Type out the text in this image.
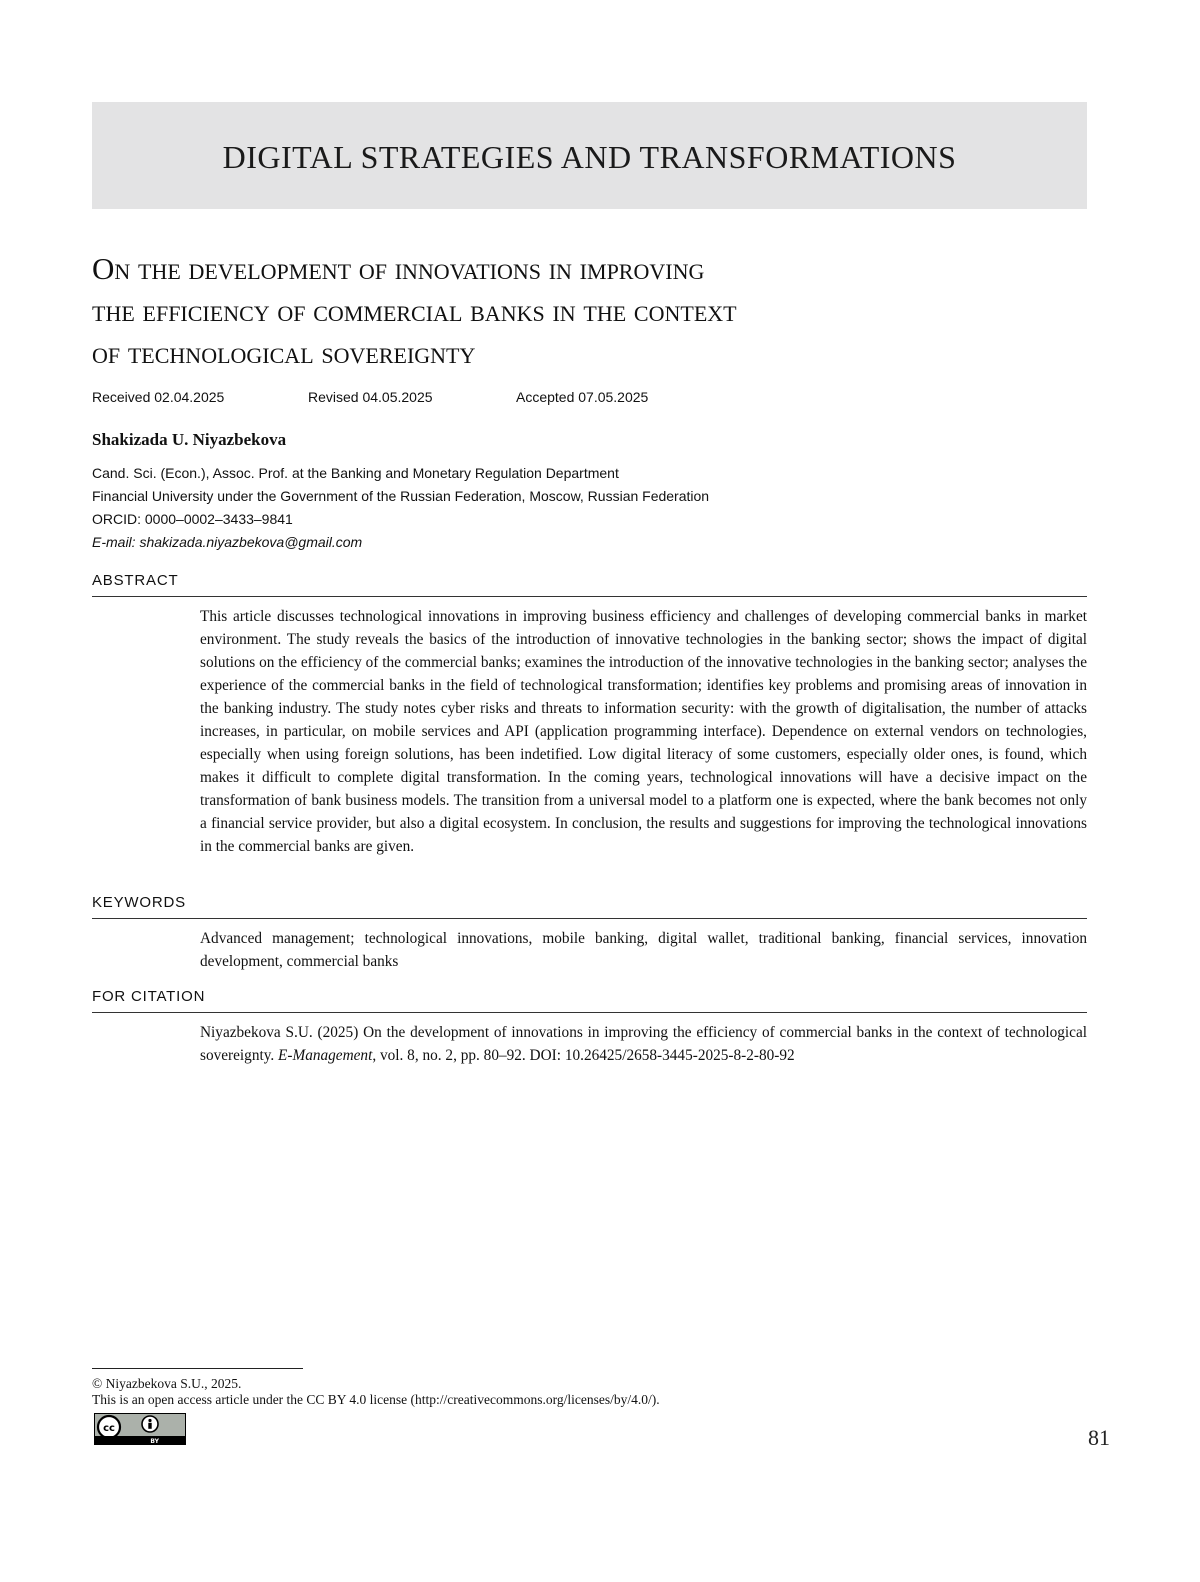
DIGITAL STRATEGIES AND TRANSFORMATIONS
On the development of innovations in improving
the efficiency of commercial banks in the context
of technological sovereignty
Received 02.04.2025	Revised 04.05.2025	Accepted 07.05.2025
Shakizada U. Niyazbekova
Cand. Sci. (Econ.), Assoc. Prof. at the Banking and Monetary Regulation Department
Financial University under the Government of the Russian Federation, Moscow, Russian Federation
ORCID: 0000–0002–3433–9841
E-mail: shakizada.niyazbekova@gmail.com
ABSTRACT
This article discusses technological innovations in improving business efficiency and challenges of developing commercial banks in market environment. The study reveals the basics of the introduction of innovative technologies in the banking sector; shows the impact of digital solutions on the efficiency of the commercial banks; examines the introduction of the innovative technologies in the banking sector; analyses the experience of the commercial banks in the field of technological transformation; identifies key problems and promising areas of innovation in the banking industry. The study notes cyber risks and threats to information security: with the growth of digitalisation, the number of attacks increases, in particular, on mobile services and API (application programming interface). Dependence on external vendors on technologies, especially when using foreign solutions, has been indetified. Low digital literacy of some customers, especially older ones, is found, which makes it difficult to complete digital transformation. In the coming years, technological innovations will have a decisive impact on the transformation of bank business models. The transition from a universal model to a platform one is expected, where the bank becomes not only a financial service provider, but also a digital ecosystem. In conclusion, the results and suggestions for improving the technological innovations in the commercial banks are given.
KEYWORDS
Advanced management; technological innovations, mobile banking, digital wallet, traditional banking, financial services, innova­tion development, commercial banks
FOR CITATION
Niyazbekova S.U. (2025) On the development of innovations in improving the efficiency of commercial banks in the context of technological sovereignty. E-Management, vol. 8, no. 2, pp. 80–92. DOI: 10.26425/2658-3445-2025-8-2-80-92
© Niyazbekova S.U., 2025.
This is an open access article under the CC BY 4.0 license (http://creativecommons.org/licenses/by/4.0/).
cc
BY	81
